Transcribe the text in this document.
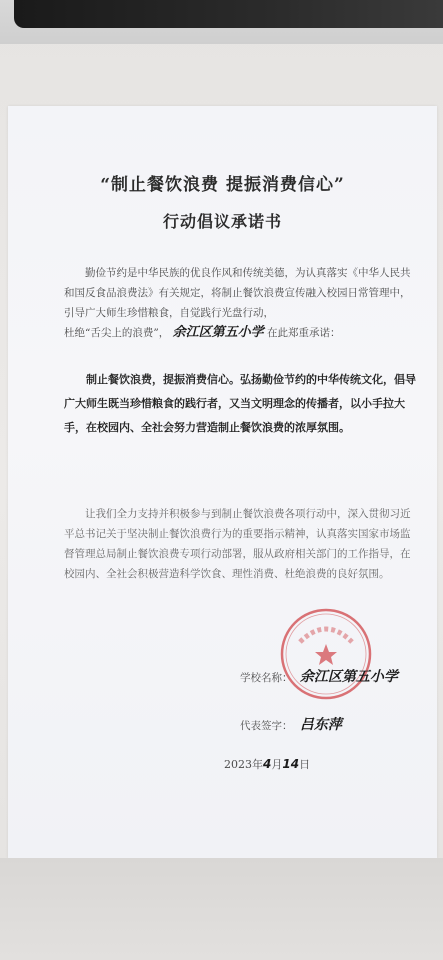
“制止餐饮浪费 提振消费信心”
行动倡议承诺书
勤俭节约是中华民族的优良作风和传统美德，为认真落实《中华人民共和国反食品浪费法》有关规定，将制止餐饮浪费宣传融入校园日常管理中，引导广大师生珍惜粮食，自觉践行光盘行动，
杜绝“舌尖上的浪费”， 余江区第五小学 在此郑重承诺：
制止餐饮浪费，提振消费信心。弘扬勤俭节约的中华传统文化，倡导广大师生既当珍惜粮食的践行者，又当文明理念的传播者，以小手拉大手，在校园内、全社会努力营造制止餐饮浪费的浓厚氛围。
让我们全力支持并积极参与到制止餐饮浪费各项行动中，深入贯彻习近平总书记关于坚决制止餐饮浪费行为的重要指示精神，认真落实国家市场监督管理总局制止餐饮浪费专项行动部署，服从政府相关部门的工作指导，在校园内、全社会积极营造科学饮食、理性消费、杜绝浪费的良好氛围。
学校名称： 余江区第五小学
代表签字： 吕东萍
2023年4月14日
